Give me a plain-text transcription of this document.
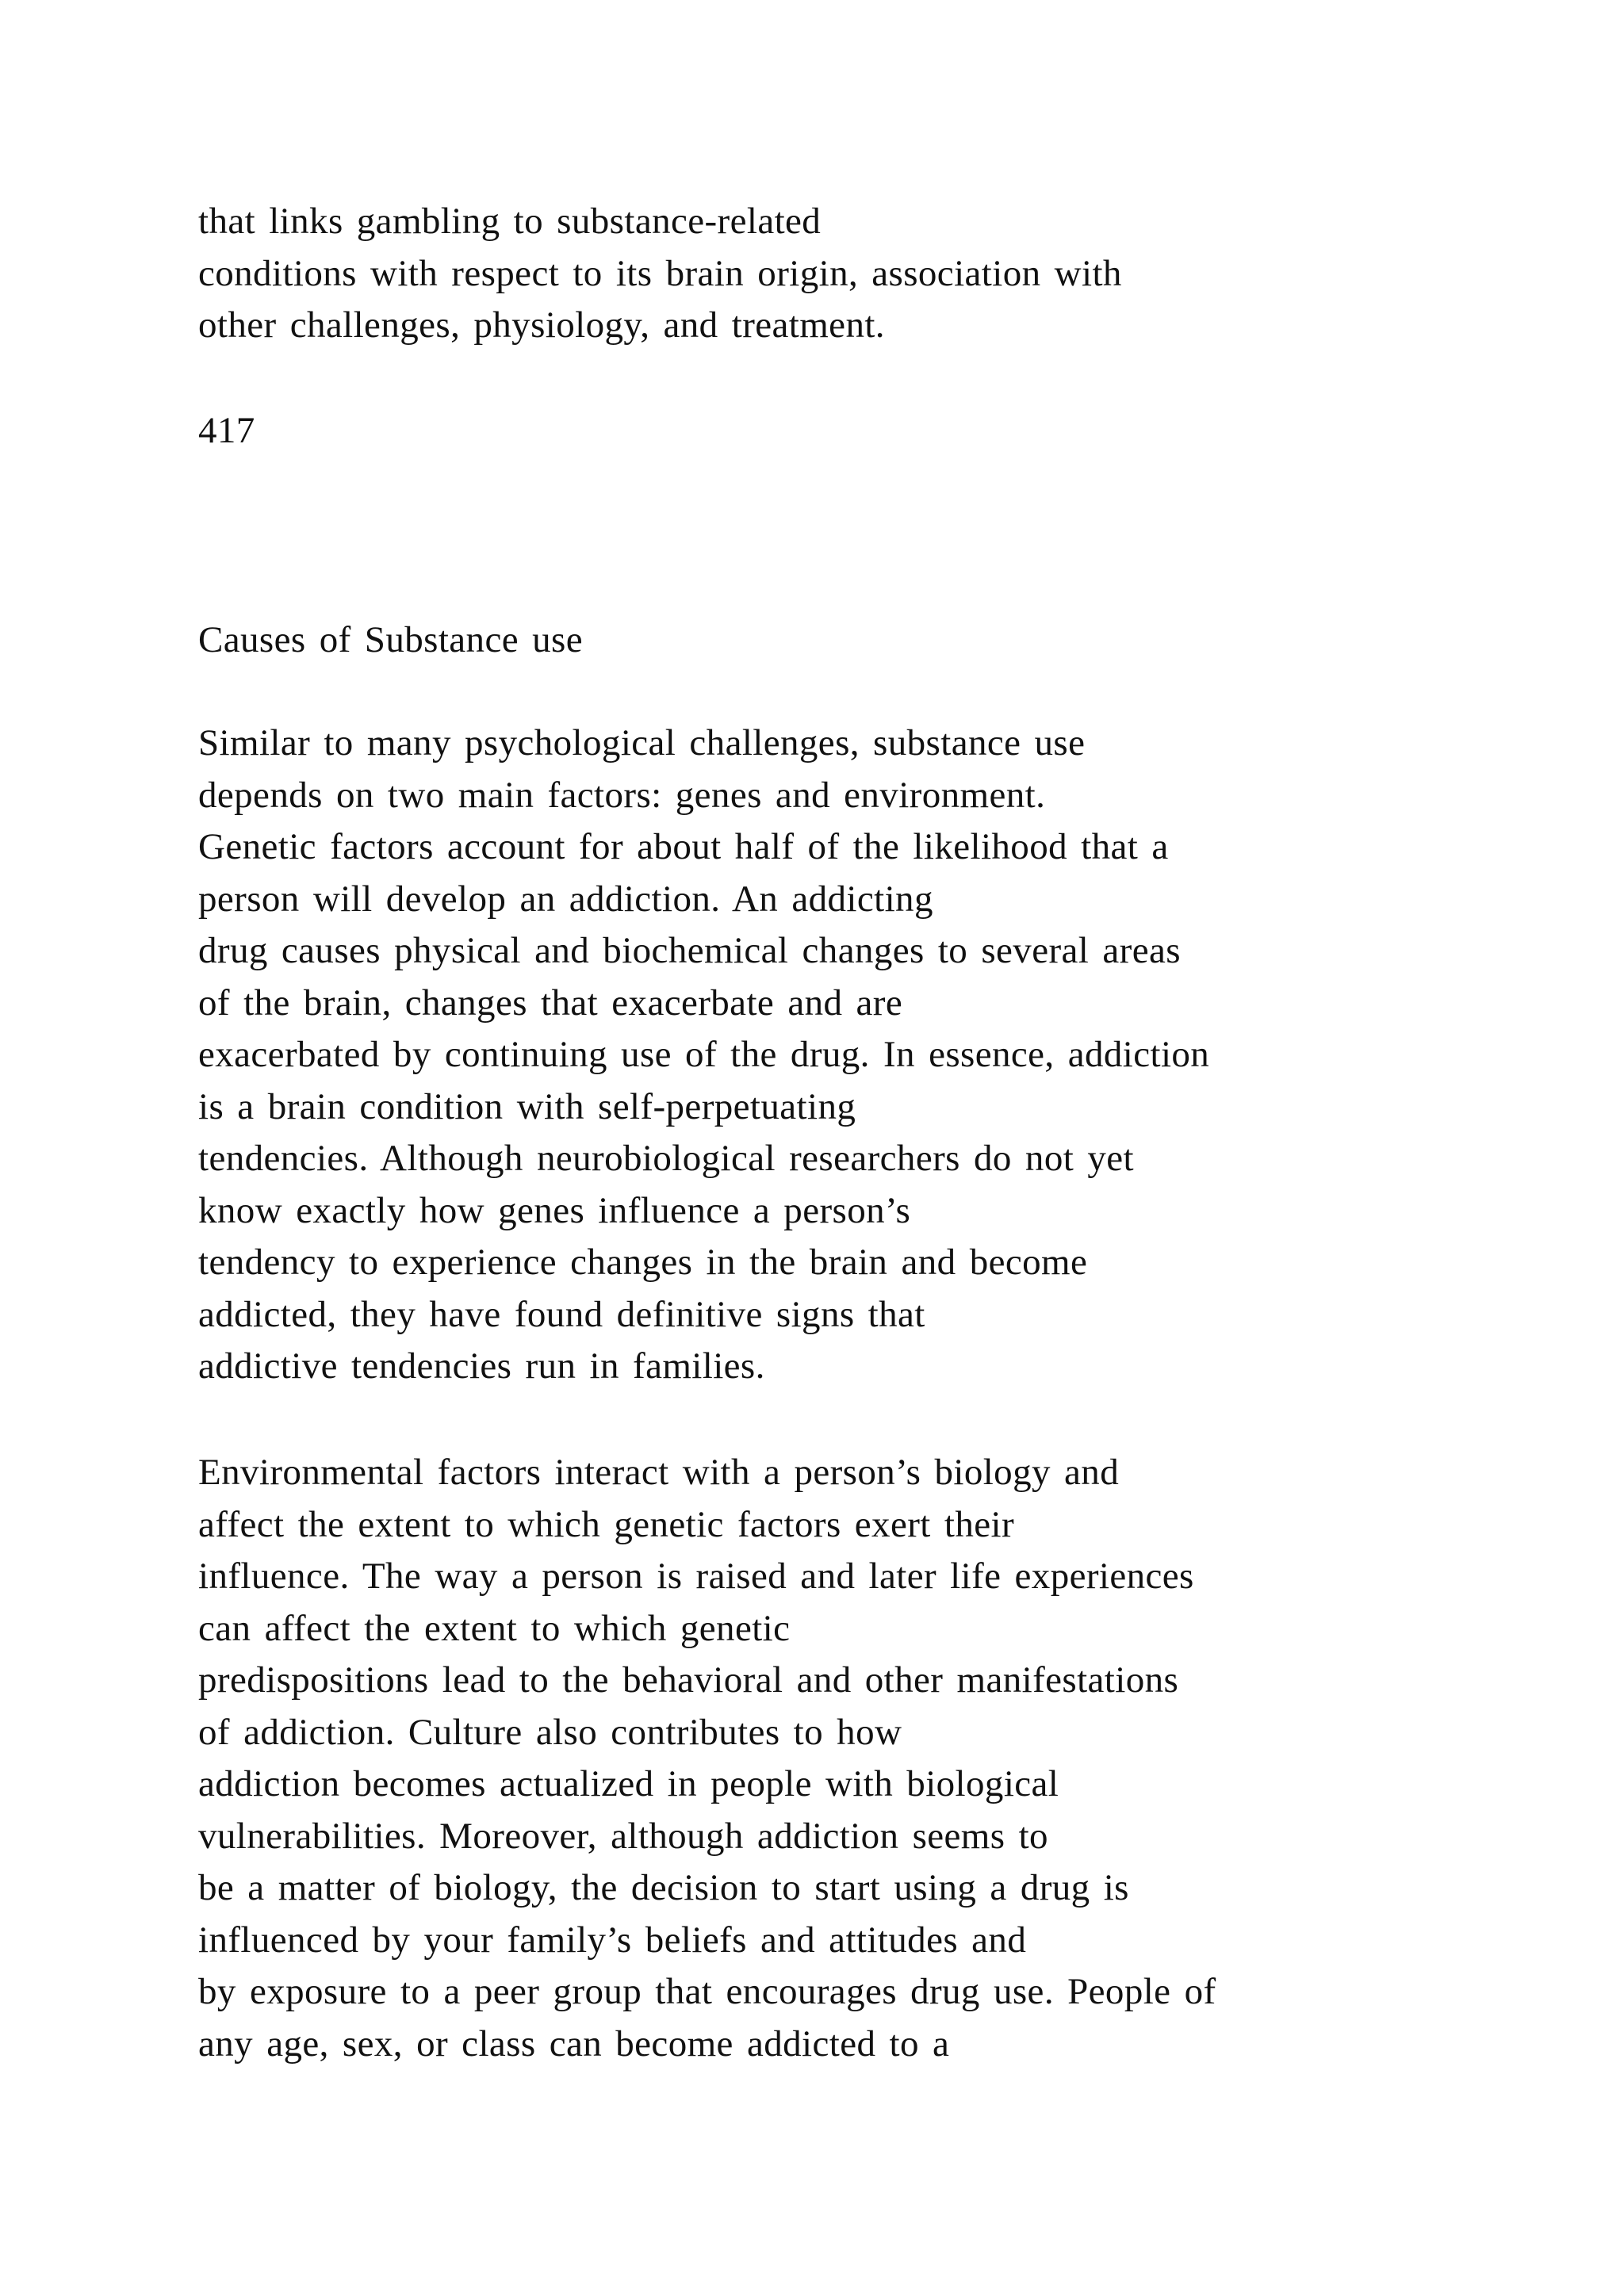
that links gambling to substance-related
conditions with respect to its brain origin, association with
other challenges, physiology, and treatment.
417
Causes of Substance use
Similar to many psychological challenges, substance use
depends on two main factors: genes and environment.
Genetic factors account for about half of the likelihood that a
person will develop an addiction. An addicting
drug causes physical and biochemical changes to several areas
of the brain, changes that exacerbate and are
exacerbated by continuing use of the drug. In essence, addiction
is a brain condition with self-perpetuating
tendencies. Although neurobiological researchers do not yet
know exactly how genes influence a person’s
tendency to experience changes in the brain and become
addicted, they have found definitive signs that
addictive tendencies run in families.
Environmental factors interact with a person’s biology and
affect the extent to which genetic factors exert their
influence. The way a person is raised and later life experiences
can affect the extent to which genetic
predispositions lead to the behavioral and other manifestations
of addiction. Culture also contributes to how
addiction becomes actualized in people with biological
vulnerabilities. Moreover, although addiction seems to
be a matter of biology, the decision to start using a drug is
influenced by your family’s beliefs and attitudes and
by exposure to a peer group that encourages drug use. People of
any age, sex, or class can become addicted to a
